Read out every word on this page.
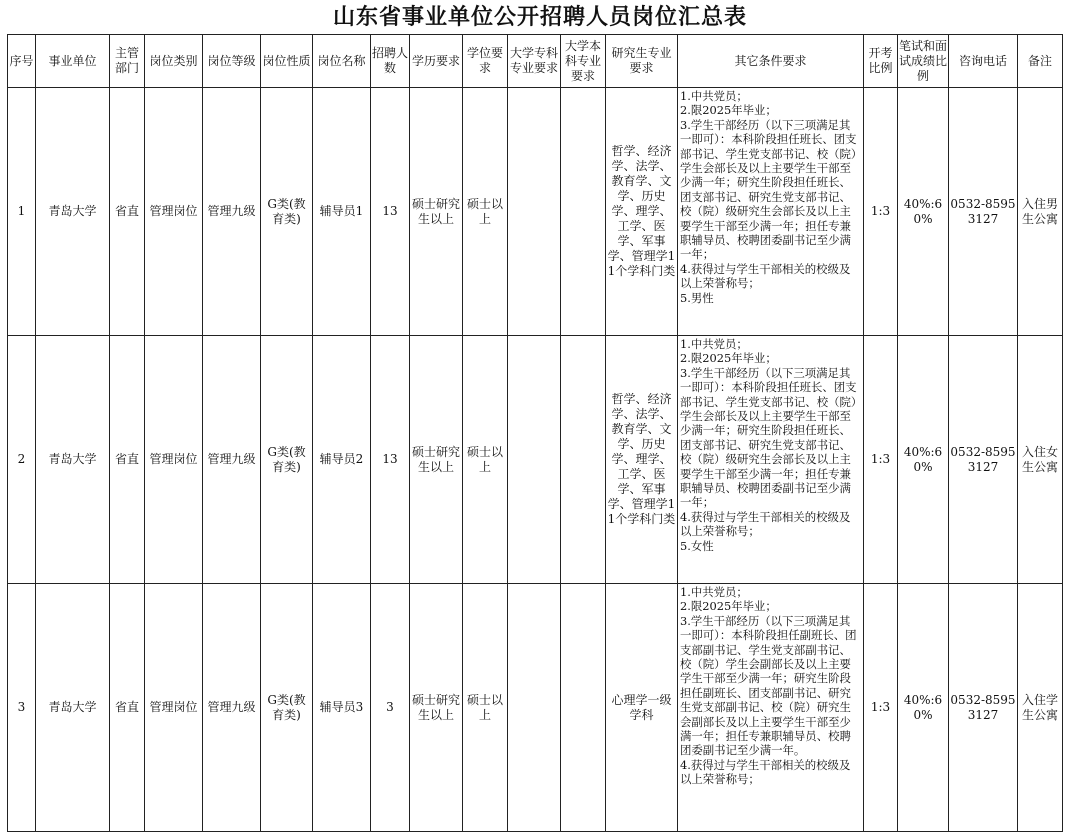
山东省事业单位公开招聘人员岗位汇总表
序号	事业单位	主管部门	岗位类别	岗位等级	岗位性质	岗位名称	招聘人数	学历要求	学位要求	大学专科专业要求	大学本科专业要求	研究生专业要求	其它条件要求	开考比例	笔试和面试成绩比例	咨询电话	备注

1	青岛大学	省直	管理岗位	管理九级	G类(教育类)	辅导员1	13	硕士研究生以上	硕士以上			哲学、经济学、法学、教育学、文学、历史学、理学、工学、医学、军事学、管理学11个学科门类	1.中共党员；
2.限2025年毕业；
3.学生干部经历（以下三项满足其一即可）：本科阶段担任班长、团支部书记、学生党支部书记、校（院）学生会部长及以上主要学生干部至少满一年；研究生阶段担任班长、团支部书记、研究生党支部书记、校（院）级研究生会部长及以上主要学生干部至少满一年；担任专兼职辅导员、校聘团委副书记至少满一年；
4.获得过与学生干部相关的校级及以上荣誉称号；
5.男性	1:3	40%:60%	0532-85953127	入住男生公寓
2	青岛大学	省直	管理岗位	管理九级	G类(教育类)	辅导员2	13	硕士研究生以上	硕士以上			哲学、经济学、法学、教育学、文学、历史学、理学、工学、医学、军事学、管理学11个学科门类	1.中共党员；
2.限2025年毕业；
3.学生干部经历（以下三项满足其一即可）：本科阶段担任班长、团支部书记、学生党支部书记、校（院）学生会部长及以上主要学生干部至少满一年；研究生阶段担任班长、团支部书记、研究生党支部书记、校（院）级研究生会部长及以上主要学生干部至少满一年；担任专兼职辅导员、校聘团委副书记至少满一年；
4.获得过与学生干部相关的校级及以上荣誉称号；
5.女性	1:3	40%:60%	0532-85953127	入住女生公寓
3	青岛大学	省直	管理岗位	管理九级	G类(教育类)	辅导员3	3	硕士研究生以上	硕士以上			心理学一级学科	1.中共党员；
2.限2025年毕业；
3.学生干部经历（以下三项满足其一即可）：本科阶段担任副班长、团支部副书记、学生党支部副书记、校（院）学生会副部长及以上主要学生干部至少满一年；研究生阶段担任副班长、团支部副书记、研究生党支部副书记、校（院）研究生会副部长及以上主要学生干部至少满一年；担任专兼职辅导员、校聘团委副书记至少满一年。
4.获得过与学生干部相关的校级及以上荣誉称号；	1:3	40%:60%	0532-85953127	入住学生公寓
